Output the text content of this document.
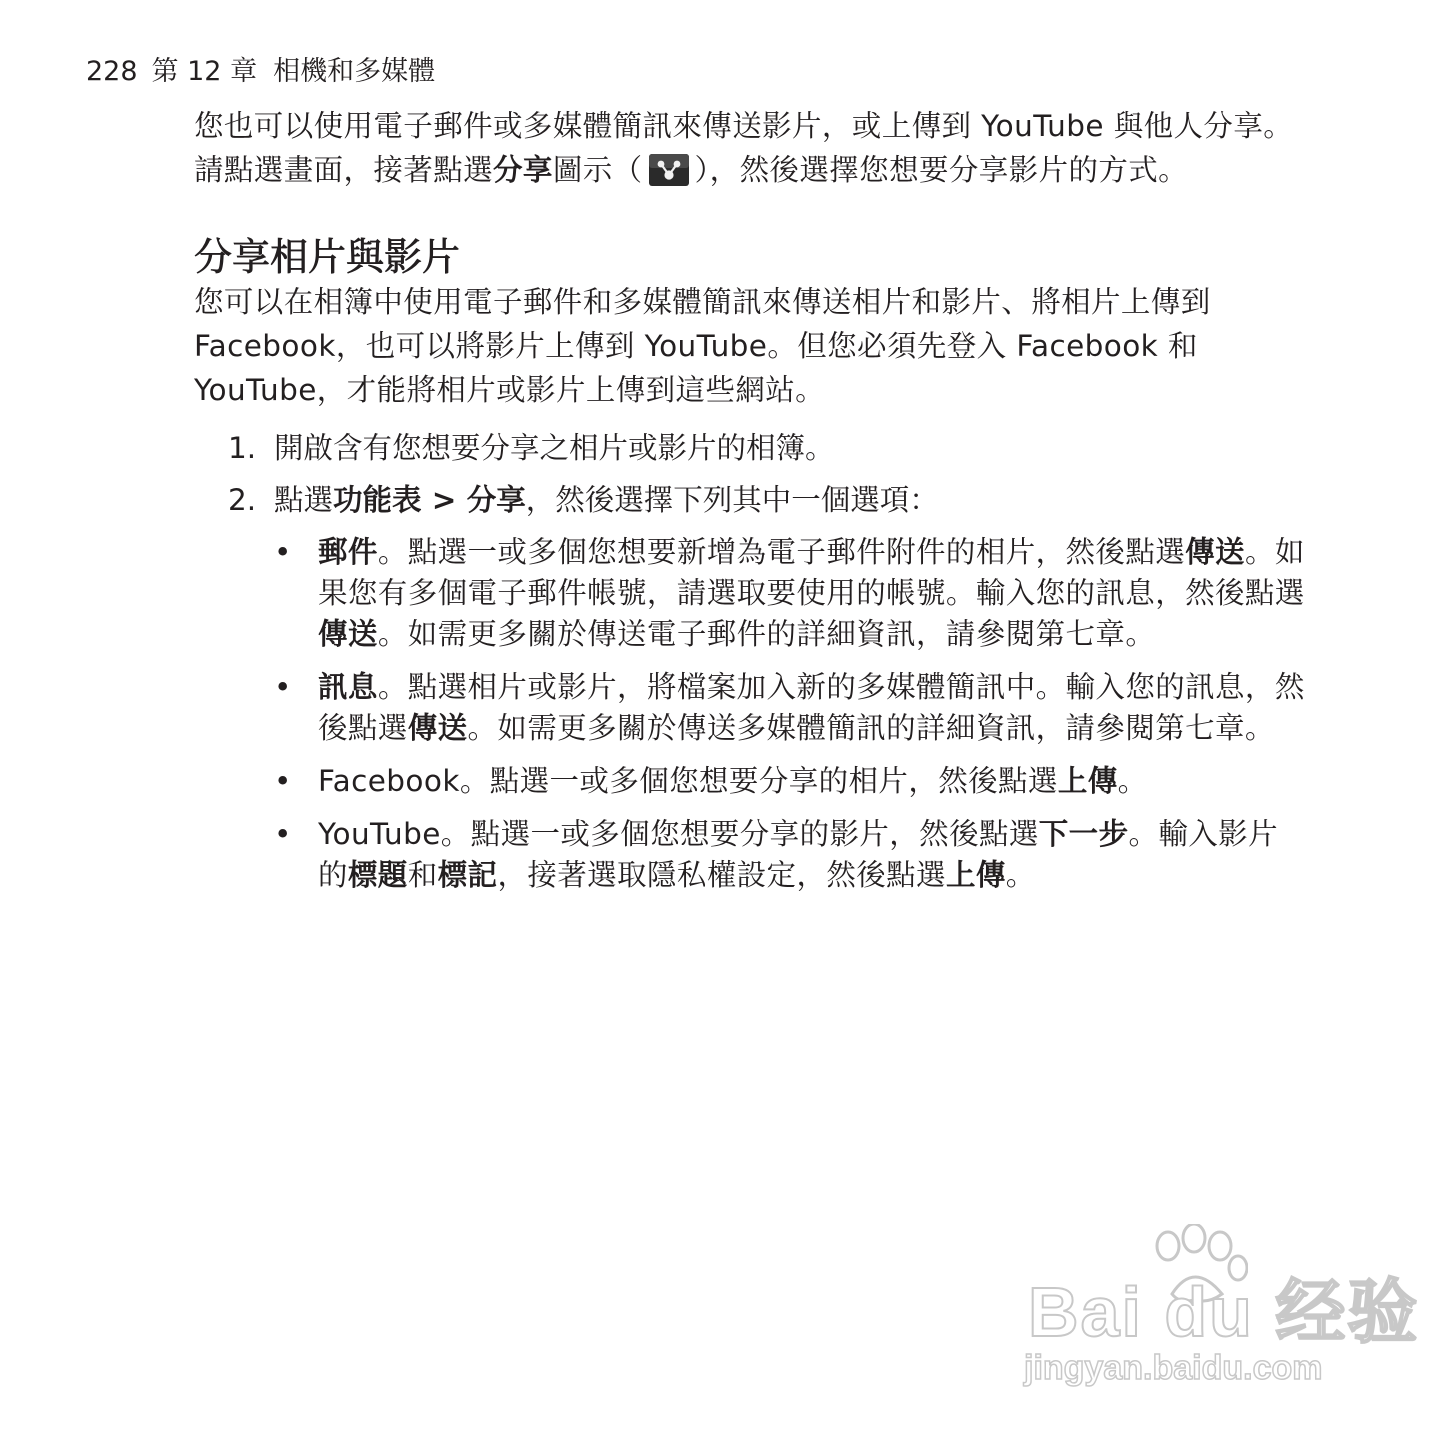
228 第 12 章 相機和多媒體

您也可以使用電子郵件或多媒體簡訊來傳送影片，或上傳到 YouTube 與他人分享。請點選畫面，接著點選分享圖示（ ），然後選擇您想要分享影片的方式。

分享相片與影片

您可以在相簿中使用電子郵件和多媒體簡訊來傳送相片和影片、將相片上傳到 Facebook，也可以將影片上傳到 YouTube。但您必須先登入 Facebook 和 YouTube，才能將相片或影片上傳到這些網站。

1. 開啟含有您想要分享之相片或影片的相簿。
2. 點選功能表 > 分享，然後選擇下列其中一個選項：
• 郵件。點選一或多個您想要新增為電子郵件附件的相片，然後點選傳送。如果您有多個電子郵件帳號，請選取要使用的帳號。輸入您的訊息，然後點選傳送。如需更多關於傳送電子郵件的詳細資訊，請參閱第七章。
• 訊息。點選相片或影片，將檔案加入新的多媒體簡訊中。輸入您的訊息，然後點選傳送。如需更多關於傳送多媒體簡訊的詳細資訊，請參閱第七章。
• Facebook。點選一或多個您想要分享的相片，然後點選上傳。
• YouTube。點選一或多個您想要分享的影片，然後點選下一步。輸入影片的標題和標記，接著選取隱私權設定，然後點選上傳。
Bai du 经验
jingyan.baidu.com
